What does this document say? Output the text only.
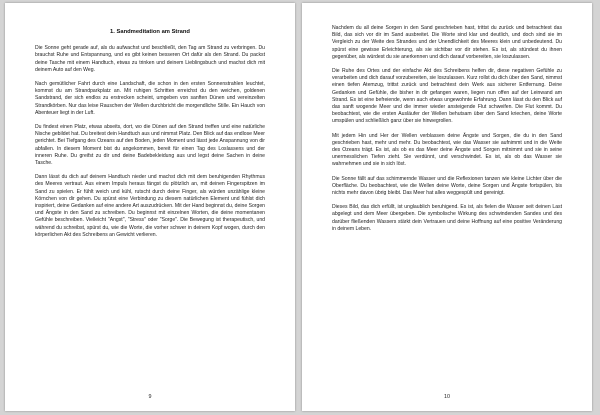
1. Sandmeditation am Strand

Die Sonne geht gerade auf, als du aufwachst und beschließt, den Tag am Strand zu verbringen. Du brauchst Ruhe und Entspannung, und es gibt keinen besseren Ort dafür als den Strand. Du packst deine Tasche mit einem Handtuch, etwas zu trinken und deinem Lieblingsbuch und machst dich mit deinem Auto auf den Weg.

Nach gemütlicher Fahrt durch eine Landschaft, die schon in den ersten Sonnenstrahlen leuchtet, kommst du am Strandparkplatz an. Mit ruhigen Schritten erreichst du den weichen, goldenen Sandstrand, der sich endlos zu erstrecken scheint, umgeben von sanften Dünen und vereinzelten Strandkörben. Nur das leise Rauschen der Wellen durchbricht die morgendliche Stille. Ein Hauch von Abenteuer liegt in der Luft.

Du findest einen Platz, etwas abseits, dort, wo die Dünen auf den Strand treffen und eine natürliche Nische gebildet hat. Du breitest dein Handtuch aus und nimmst Platz. Den Blick auf das endlose Meer gerichtet. Bei Tiefgang des Ozeans auf den Boden, jeden Moment und lässt jede Anspannung von dir abfallen. In diesem Moment bist du angekommen, bereit für einen Tag des Loslassens und der inneren Ruhe. Du greifst zu dir und deine Badebekleidung aus und legst deine Sachen in deine Tasche.

Dann lässt du dich auf deinem Handtuch nieder und machst dich mit dem beruhigenden Rhythmus des Meeres vertraut. Aus einem Impuls heraus fängst du plötzlich an, mit deinen Fingerspitzen im Sand zu spielen. Er fühlt weich und kühl, rutscht durch deine Finger, als würden unzählige kleine Körnchen von dir gehen. Du spürst eine Verbindung zu diesem natürlichen Element und fühlst dich inspiriert, deine Gedanken auf eine andere Art auszudrücken. Mit der Hand beginnst du, deine Sorgen und Ängste in den Sand zu schreiben. Du beginnst mit einzelnen Worten, die deine momentanen Gefühle beschreiben. Vielleicht "Angst", "Stress" oder "Sorge". Die Bewegung ist therapeutisch, und während du schreibst, spürst du, wie die Worte, die vorher schwer in deinem Kopf wogen, durch den körperlichen Akt des Schreibens an Gewicht verlieren.

9

Nachdem du all deine Sorgen in den Sand geschrieben hast, trittst du zurück und betrachtest das Bild, das sich vor dir im Sand ausbreitet. Die Worte sind klar und deutlich, und doch sind sie im Vergleich zu der Weite des Strandes und der Unendlichkeit des Meeres klein und unbedeutend. Du spürst eine gewisse Erleichterung, als sie sichtbar vor dir stehen. Es ist, als stündest du ihnen gegenüber, als würdest du sie anerkennen und dich darauf vorbereiten, sie loszulassen.

Die Ruhe des Ortes und der einfache Akt des Schreibens helfen dir, diese negativen Gefühle zu verarbeiten und dich darauf vorzubereiten, sie loszulassen. Kurz rollst du dich über den Sand, nimmst einen tiefen Atemzug, trittst zurück und betrachtest dein Werk aus sicherer Entfernung. Deine Gedanken und Gefühle, die bisher in dir gefangen waren, liegen nun offen auf der Leinwand am Strand. Es ist eine befreiende, wenn auch etwas ungewohnte Erfahrung. Dann lässt du den Blick auf das sanft wogende Meer und die immer wieder ansteigende Flut schweifen. Die Flut kommt. Du beobachtest, wie die ersten Ausläufer der Wellen behutsam über den Sand kriechen, deine Worte umspülen und schließlich ganz über sie hinwegrollen.

Mit jedem Hin und Her der Wellen verblassen deine Ängste und Sorgen, die du in den Sand geschrieben hast, mehr und mehr. Du beobachtest, wie das Wasser sie aufnimmt und in die Weite des Ozeans trägt. Es ist, als ob es das Meer deine Ängste und Sorgen mitnimmt und sie in seine unermesslichen Tiefen zieht. Sie verdünnt, und verschwindet. Es ist, als ob das Wasser sie wahrnehmen und sie in sich löst.

Die Sonne fällt auf das schimmernde Wasser und die Reflexionen tanzen wie kleine Lichter über die Oberfläche. Du beobachtest, wie die Wellen deine Worte, deine Sorgen und Ängste fortspülen, bis nichts mehr davon übrig bleibt. Das Meer hat alles weggespült und gereinigt.

Dieses Bild, das dich erfüllt, ist unglaublich beruhigend. Es ist, als fielen die Wasser seit deinen Last abgelegt und dem Meer übergeben. Die symbolische Wirkung des schwindenden Sandes und des darüber fließenden Wassers stärkt dein Vertrauen und deine Hoffnung auf eine positive Veränderung in deinem Leben.

10
